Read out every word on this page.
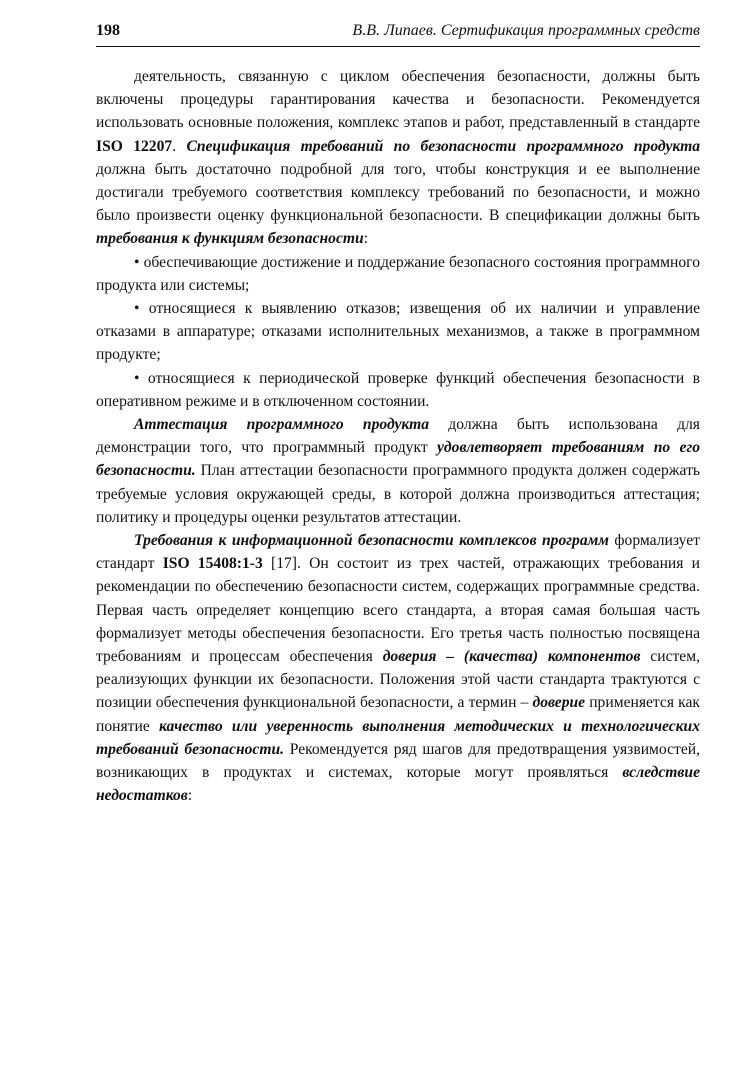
198	В.В. Липаев. Сертификация программных средств

деятельность, связанную с циклом обеспечения безопасности, должны быть включены процедуры гарантирования качества и безопасности. Рекомендуется использовать основные положения, комплекс этапов и работ, представленный в стандарте ISO 12207. Спецификация требований по безопасности программного продукта должна быть достаточно подробной для того, чтобы конструкция и ее выполнение достигали требуемого соответствия комплексу требований по безопасности, и можно было произвести оценку функциональной безопасности. В спецификации должны быть требования к функциям безопасности:

• обеспечивающие достижение и поддержание безопасного состояния программного продукта или системы;

• относящиеся к выявлению отказов; извещения об их наличии и управление отказами в аппаратуре; отказами исполнительных механизмов, а также в программном продукте;

• относящиеся к периодической проверке функций обеспечения безопасности в оперативном режиме и в отключенном состоянии.

Аттестация программного продукта должна быть использована для демонстрации того, что программный продукт удовлетворяет требованиям по его безопасности. План аттестации безопасности программного продукта должен содержать требуемые условия окружающей среды, в которой должна производиться аттестация; политику и процедуры оценки результатов аттестации.

Требования к информационной безопасности комплексов программ формализует стандарт ISO 15408:1-3 [17]. Он состоит из трех частей, отражающих требования и рекомендации по обеспечению безопасности систем, содержащих программные средства. Первая часть определяет концепцию всего стандарта, а вторая самая большая часть формализует методы обеспечения безопасности. Его третья часть полностью посвящена требованиям и процессам обеспечения доверия – (качества) компонентов систем, реализующих функции их безопасности. Положения этой части стандарта трактуются с позиции обеспечения функциональной безопасности, а термин – доверие применяется как понятие качество или уверенность выполнения методических и технологических требований безопасности. Рекомендуется ряд шагов для предотвращения уязвимостей, возникающих в продуктах и системах, которые могут проявляться вследствие недостатков:
